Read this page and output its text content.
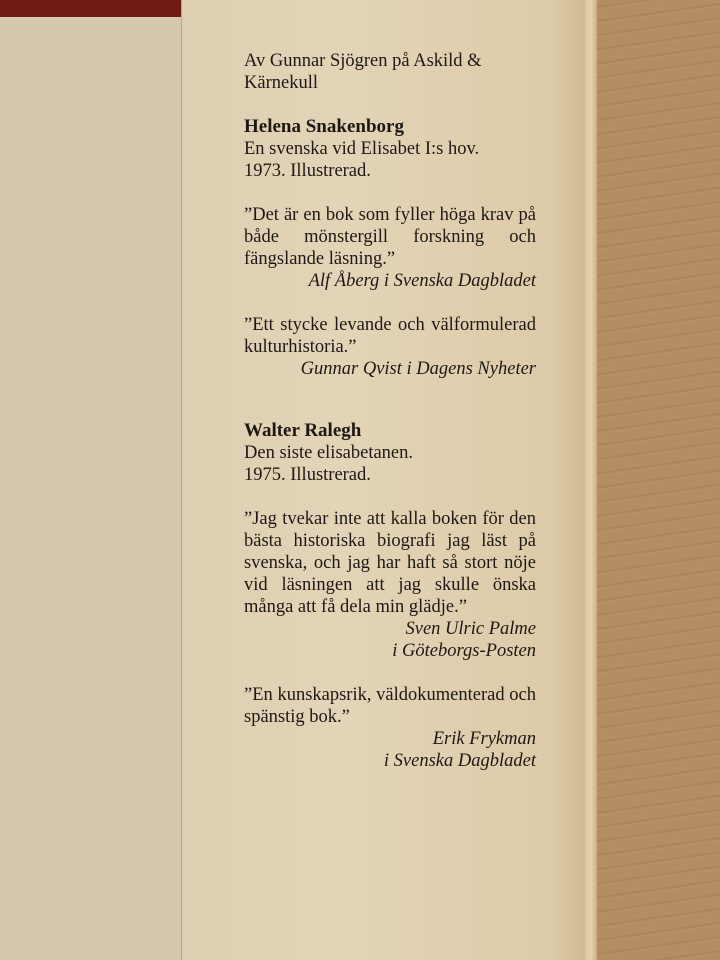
Av Gunnar Sjögren på Askild & Kärnekull

Helena Snakenborg

En svenska vid Elisabet I:s hov.

1973. Illustrerad.

”Det är en bok som fyller höga krav på både mönstergill forskning och fängslande läsning.”

Alf Åberg i Svenska Dagbladet

”Ett stycke levande och välformulerad kulturhistoria.”

Gunnar Qvist i Dagens Nyheter

Walter Ralegh

Den siste elisabetanen.

1975. Illustrerad.

”Jag tvekar inte att kalla boken för den bästa historiska biografi jag läst på svenska, och jag har haft så stort nöje vid läsningen att jag skulle önska många att få dela min glädje.”

Sven Ulric Palme

i Göteborgs-Posten

”En kunskapsrik, väldokumenterad och spänstig bok.”

Erik Frykman

i Svenska Dagbladet
